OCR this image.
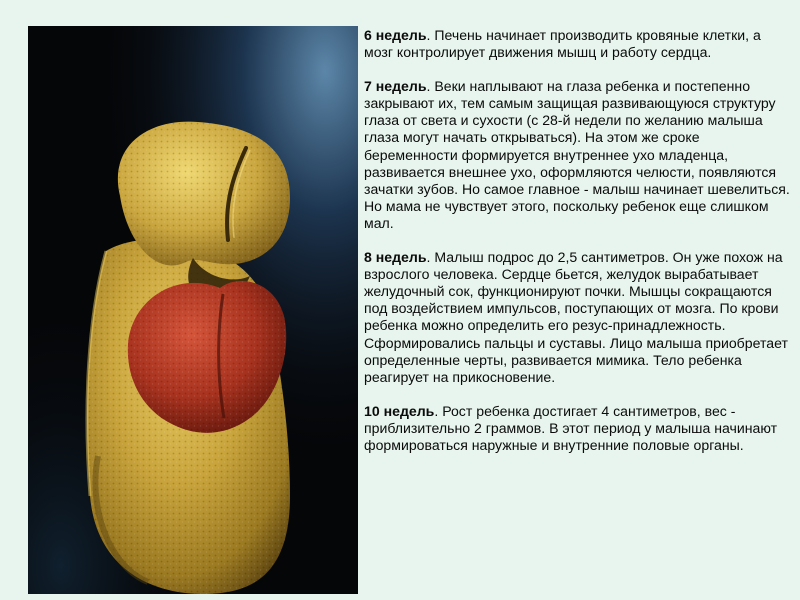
6 недель. Печень начинает производить кровяные клетки, а мозг контролирует движения мышц и работу сердца.

7 недель. Веки наплывают на глаза ребенка и постепенно закрывают их, тем самым защищая развивающуюся структуру глаза от света и сухости (с 28-й недели по желанию малыша глаза могут начать открываться). На этом же сроке беременности формируется внутреннее ухо младенца, развивается внешнее ухо, оформляются челюсти, появляются зачатки зубов. Но самое главное - малыш начинает шевелиться. Но мама не чувствует этого, поскольку ребенок еще слишком мал.

8 недель. Малыш подрос до 2,5 сантиметров. Он уже похож на взрослого человека. Сердце бьется, желудок вырабатывает желудочный сок, функционируют почки. Мышцы сокращаются под воздействием импульсов, поступающих от мозга. По крови ребенка можно определить его резус-принадлежность. Сформировались пальцы и суставы. Лицо малыша приобретает определенные черты, развивается мимика. Тело ребенка реагирует на прикосновение.

10 недель. Рост ребенка достигает 4 сантиметров, вес - приблизительно 2 граммов. В этот период у малыша начинают формироваться наружные и внутренние половые органы.
